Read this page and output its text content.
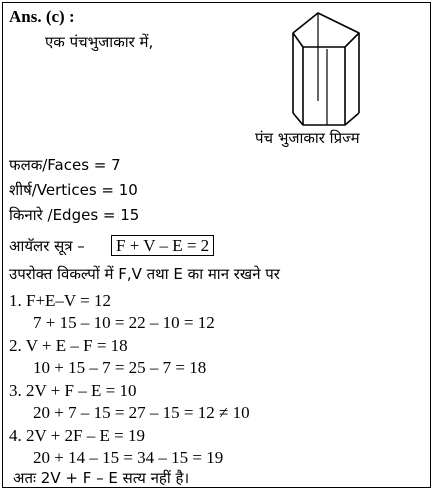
Ans. (c) :
एक पंचभुजाकार में,
पंच भुजाकार प्रिज्म
फलक/Faces = 7
शीर्ष/Vertices = 10
किनारे /Edges = 15
आयॅलर सूत्र – F + V – E = 2
उपरोक्त विकल्पों में F,V तथा E का मान रखने पर
1. F+E–V = 12
7 + 15 – 10 = 22 – 10 = 12
2. V + E – F = 18
10 + 15 – 7 = 25 – 7 = 18
3. 2V + F – E = 10
20 + 7 – 15 = 27 – 15 = 12 ≠ 10
4. 2V + 2F – E = 19
20 + 14 – 15 = 34 – 15 = 19
अतः 2V + F – E सत्य नहीं है।
